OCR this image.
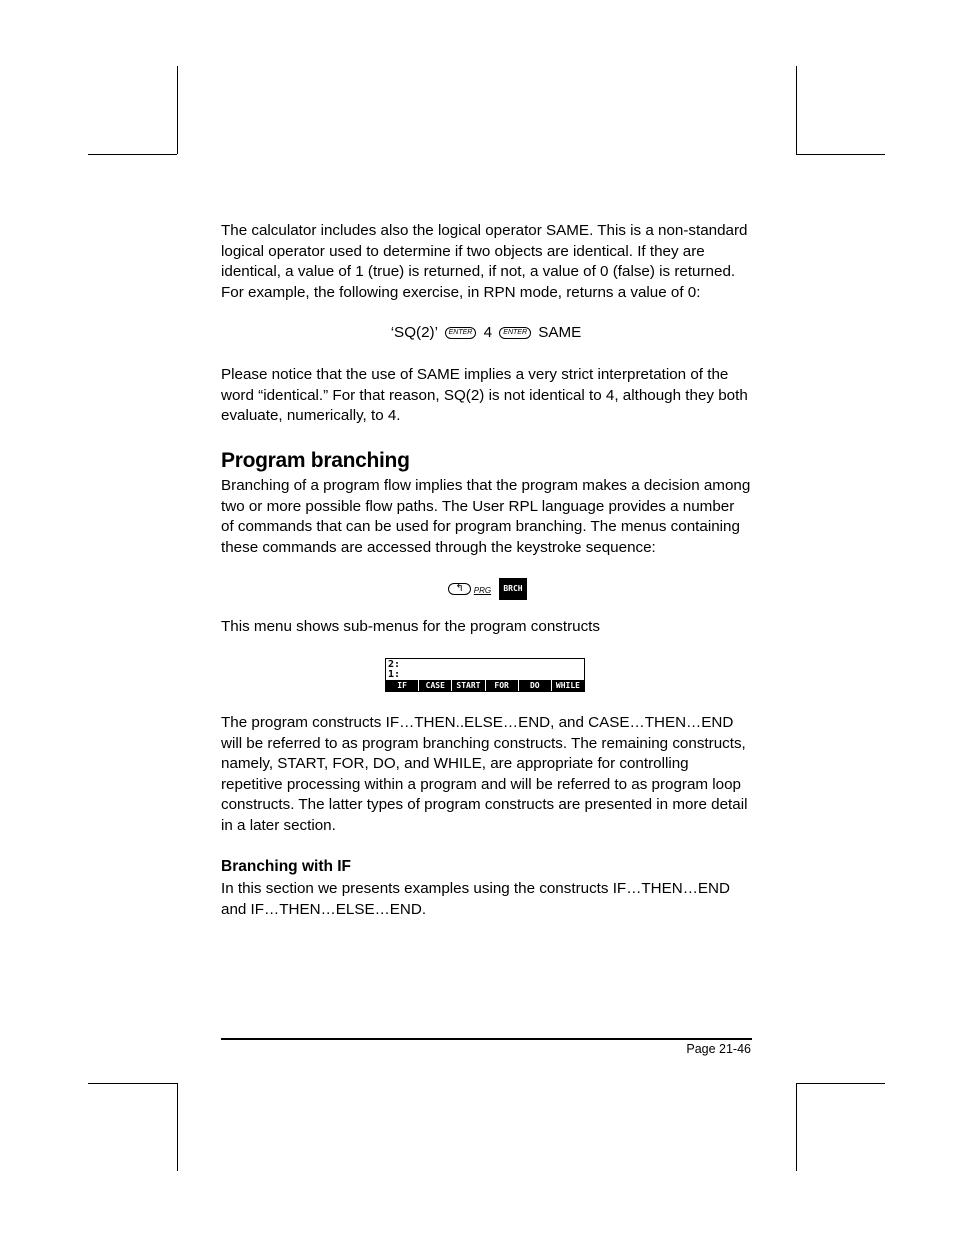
The calculator includes also the logical operator SAME. This is a non-standard logical operator used to determine if two objects are identical. If they are identical, a value of 1 (true) is returned, if not, a value of 0 (false) is returned. For example, the following exercise, in RPN mode, returns a value of 0:

‘SQ(2)’ ENTER 4 ENTER SAME

Please notice that the use of SAME implies a very strict interpretation of the word “identical.” For that reason, SQ(2) is not identical to 4, although they both evaluate, numerically, to 4.

Program branching

Branching of a program flow implies that the program makes a decision among two or more possible flow paths. The User RPL language provides a number of commands that can be used for program branching. The menus containing these commands are accessed through the keystroke sequence:

↰ PRG BRCH

This menu shows sub-menus for the program constructs

2:
1:
IF	CASE	START	FOR	DO	WHILE

The program constructs IF…THEN..ELSE…END, and CASE…THEN…END will be referred to as program branching constructs. The remaining constructs, namely, START, FOR, DO, and WHILE, are appropriate for controlling repetitive processing within a program and will be referred to as program loop constructs. The latter types of program constructs are presented in more detail in a later section.

Branching with IF

In this section we presents examples using the constructs IF…THEN…END and IF…THEN…ELSE…END.

Page 21-46
